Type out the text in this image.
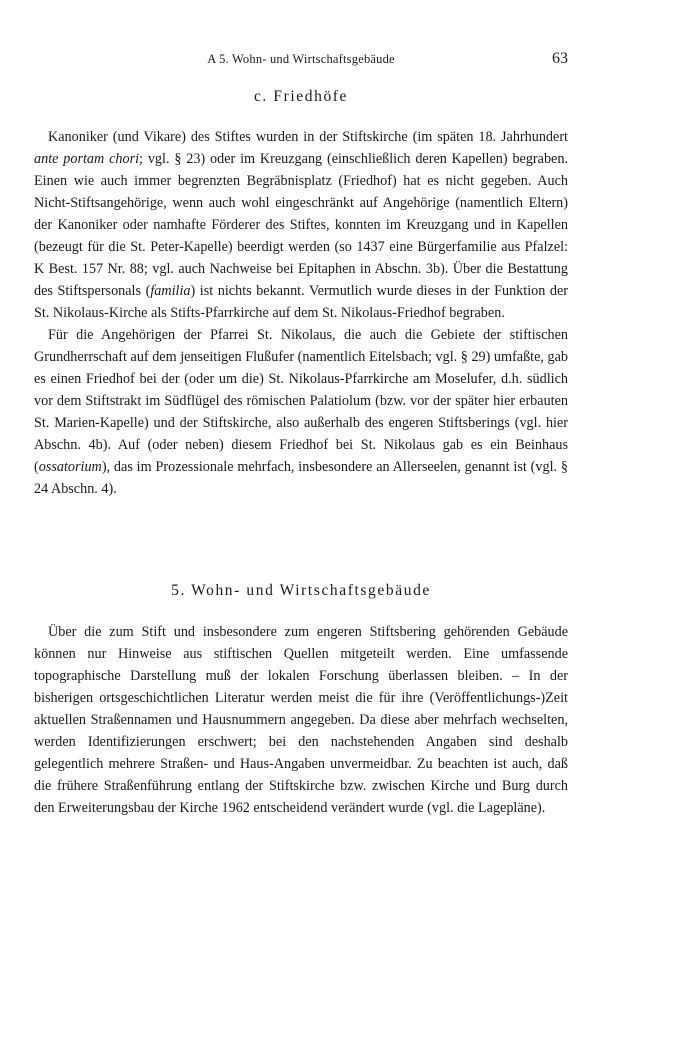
A 5. Wohn- und Wirtschaftsgebäude	63
c. Friedhöfe

Kanoniker (und Vikare) des Stiftes wurden in der Stiftskirche (im späten 18. Jahrhundert ante portam chori; vgl. § 23) oder im Kreuzgang (einschließlich deren Kapellen) begraben. Einen wie auch immer begrenzten Begräbnisplatz (Friedhof) hat es nicht gegeben. Auch Nicht-Stiftsangehörige, wenn auch wohl eingeschränkt auf Angehörige (namentlich Eltern) der Kanoniker oder namhafte Förderer des Stiftes, konnten im Kreuzgang und in Kapellen (bezeugt für die St. Peter-Kapelle) beerdigt werden (so 1437 eine Bürgerfamilie aus Pfalzel: K Best. 157 Nr. 88; vgl. auch Nachweise bei Epitaphen in Abschn. 3b). Über die Bestattung des Stiftspersonals (familia) ist nichts bekannt. Vermutlich wurde dieses in der Funktion der St. Nikolaus-Kirche als Stifts-Pfarrkirche auf dem St. Nikolaus-Friedhof begraben.

Für die Angehörigen der Pfarrei St. Nikolaus, die auch die Gebiete der stiftischen Grundherrschaft auf dem jenseitigen Flußufer (namentlich Eitelsbach; vgl. § 29) umfaßte, gab es einen Friedhof bei der (oder um die) St. Nikolaus-Pfarrkirche am Moselufer, d.h. südlich vor dem Stiftstrakt im Südflügel des römischen Palatiolum (bzw. vor der später hier erbauten St. Marien-Kapelle) und der Stiftskirche, also außerhalb des engeren Stiftsberings (vgl. hier Abschn. 4b). Auf (oder neben) diesem Friedhof bei St. Nikolaus gab es ein Beinhaus (ossatorium), das im Prozessionale mehrfach, insbesondere an Allerseelen, genannt ist (vgl. § 24 Abschn. 4).

5. Wohn- und Wirtschaftsgebäude

Über die zum Stift und insbesondere zum engeren Stiftsbering gehörenden Gebäude können nur Hinweise aus stiftischen Quellen mitgeteilt werden. Eine umfassende topographische Darstellung muß der lokalen Forschung überlassen bleiben. – In der bisherigen ortsgeschichtlichen Literatur werden meist die für ihre (Veröffentlichungs-)Zeit aktuellen Straßennamen und Hausnummern angegeben. Da diese aber mehrfach wechselten, werden Identifizierungen erschwert; bei den nachstehenden Angaben sind deshalb gelegentlich mehrere Straßen- und Haus-Angaben unvermeidbar. Zu beachten ist auch, daß die frühere Straßenführung entlang der Stiftskirche bzw. zwischen Kirche und Burg durch den Erweiterungsbau der Kirche 1962 entscheidend verändert wurde (vgl. die Lagepläne).
